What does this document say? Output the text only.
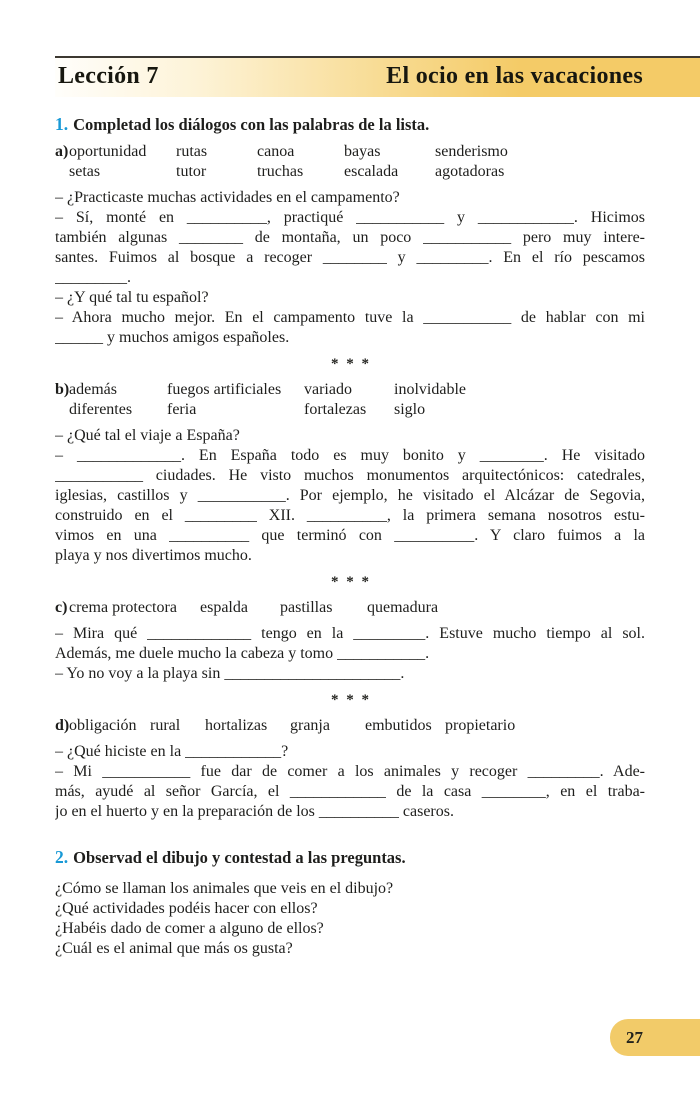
Lección 7	El ocio en las vacaciones
1. Completad los diálogos con las palabras de la lista.
a) oportunidad	rutas	canoa	bayas	senderismo
setas	tutor	truchas	escalada	agotadoras
– ¿Practicaste muchas actividades en el campamento?
– Sí, monté en __________, practiqué ___________ y ____________. Hicimos
también algunas ________ de montaña, un poco ___________ pero muy intere-
santes. Fuimos al bosque a recoger ________ y _________. En el río pescamos
_________.
– ¿Y qué tal tu español?
– Ahora mucho mejor. En el campamento tuve la ___________ de hablar con mi
______ y muchos amigos españoles.
* * *
b) además	fuegos artificiales	variado	inolvidable
diferentes	feria	fortalezas	siglo
– ¿Qué tal el viaje a España?
– _____________. En España todo es muy bonito y ________. He visitado
___________ ciudades. He visto muchos monumentos arquitectónicos: catedrales,
iglesias, castillos y ___________. Por ejemplo, he visitado el Alcázar de Segovia,
construido en el _________ XII. __________, la primera semana nosotros estu-
vimos en una __________ que terminó con __________. Y claro fuimos a la
playa y nos divertimos mucho.
* * *
c) crema protectora	espalda	pastillas	quemadura
– Mira qué _____________ tengo en la _________. Estuve mucho tiempo al sol.
Además, me duele mucho la cabeza y tomo ___________.
– Yo no voy a la playa sin ______________________.
* * *
d) obligación rural	hortalizas	granja	embutidos propietario
– ¿Qué hiciste en la ____________?
– Mi ___________ fue dar de comer a los animales y recoger _________. Ade-
más, ayudé al señor García, el ____________ de la casa ________, en el traba-
jo en el huerto y en la preparación de los __________ caseros.
2. Observad el dibujo y contestad a las preguntas.
¿Cómo se llaman los animales que veis en el dibujo?
¿Qué actividades podéis hacer con ellos?
¿Habéis dado de comer a alguno de ellos?
¿Cuál es el animal que más os gusta?
27
